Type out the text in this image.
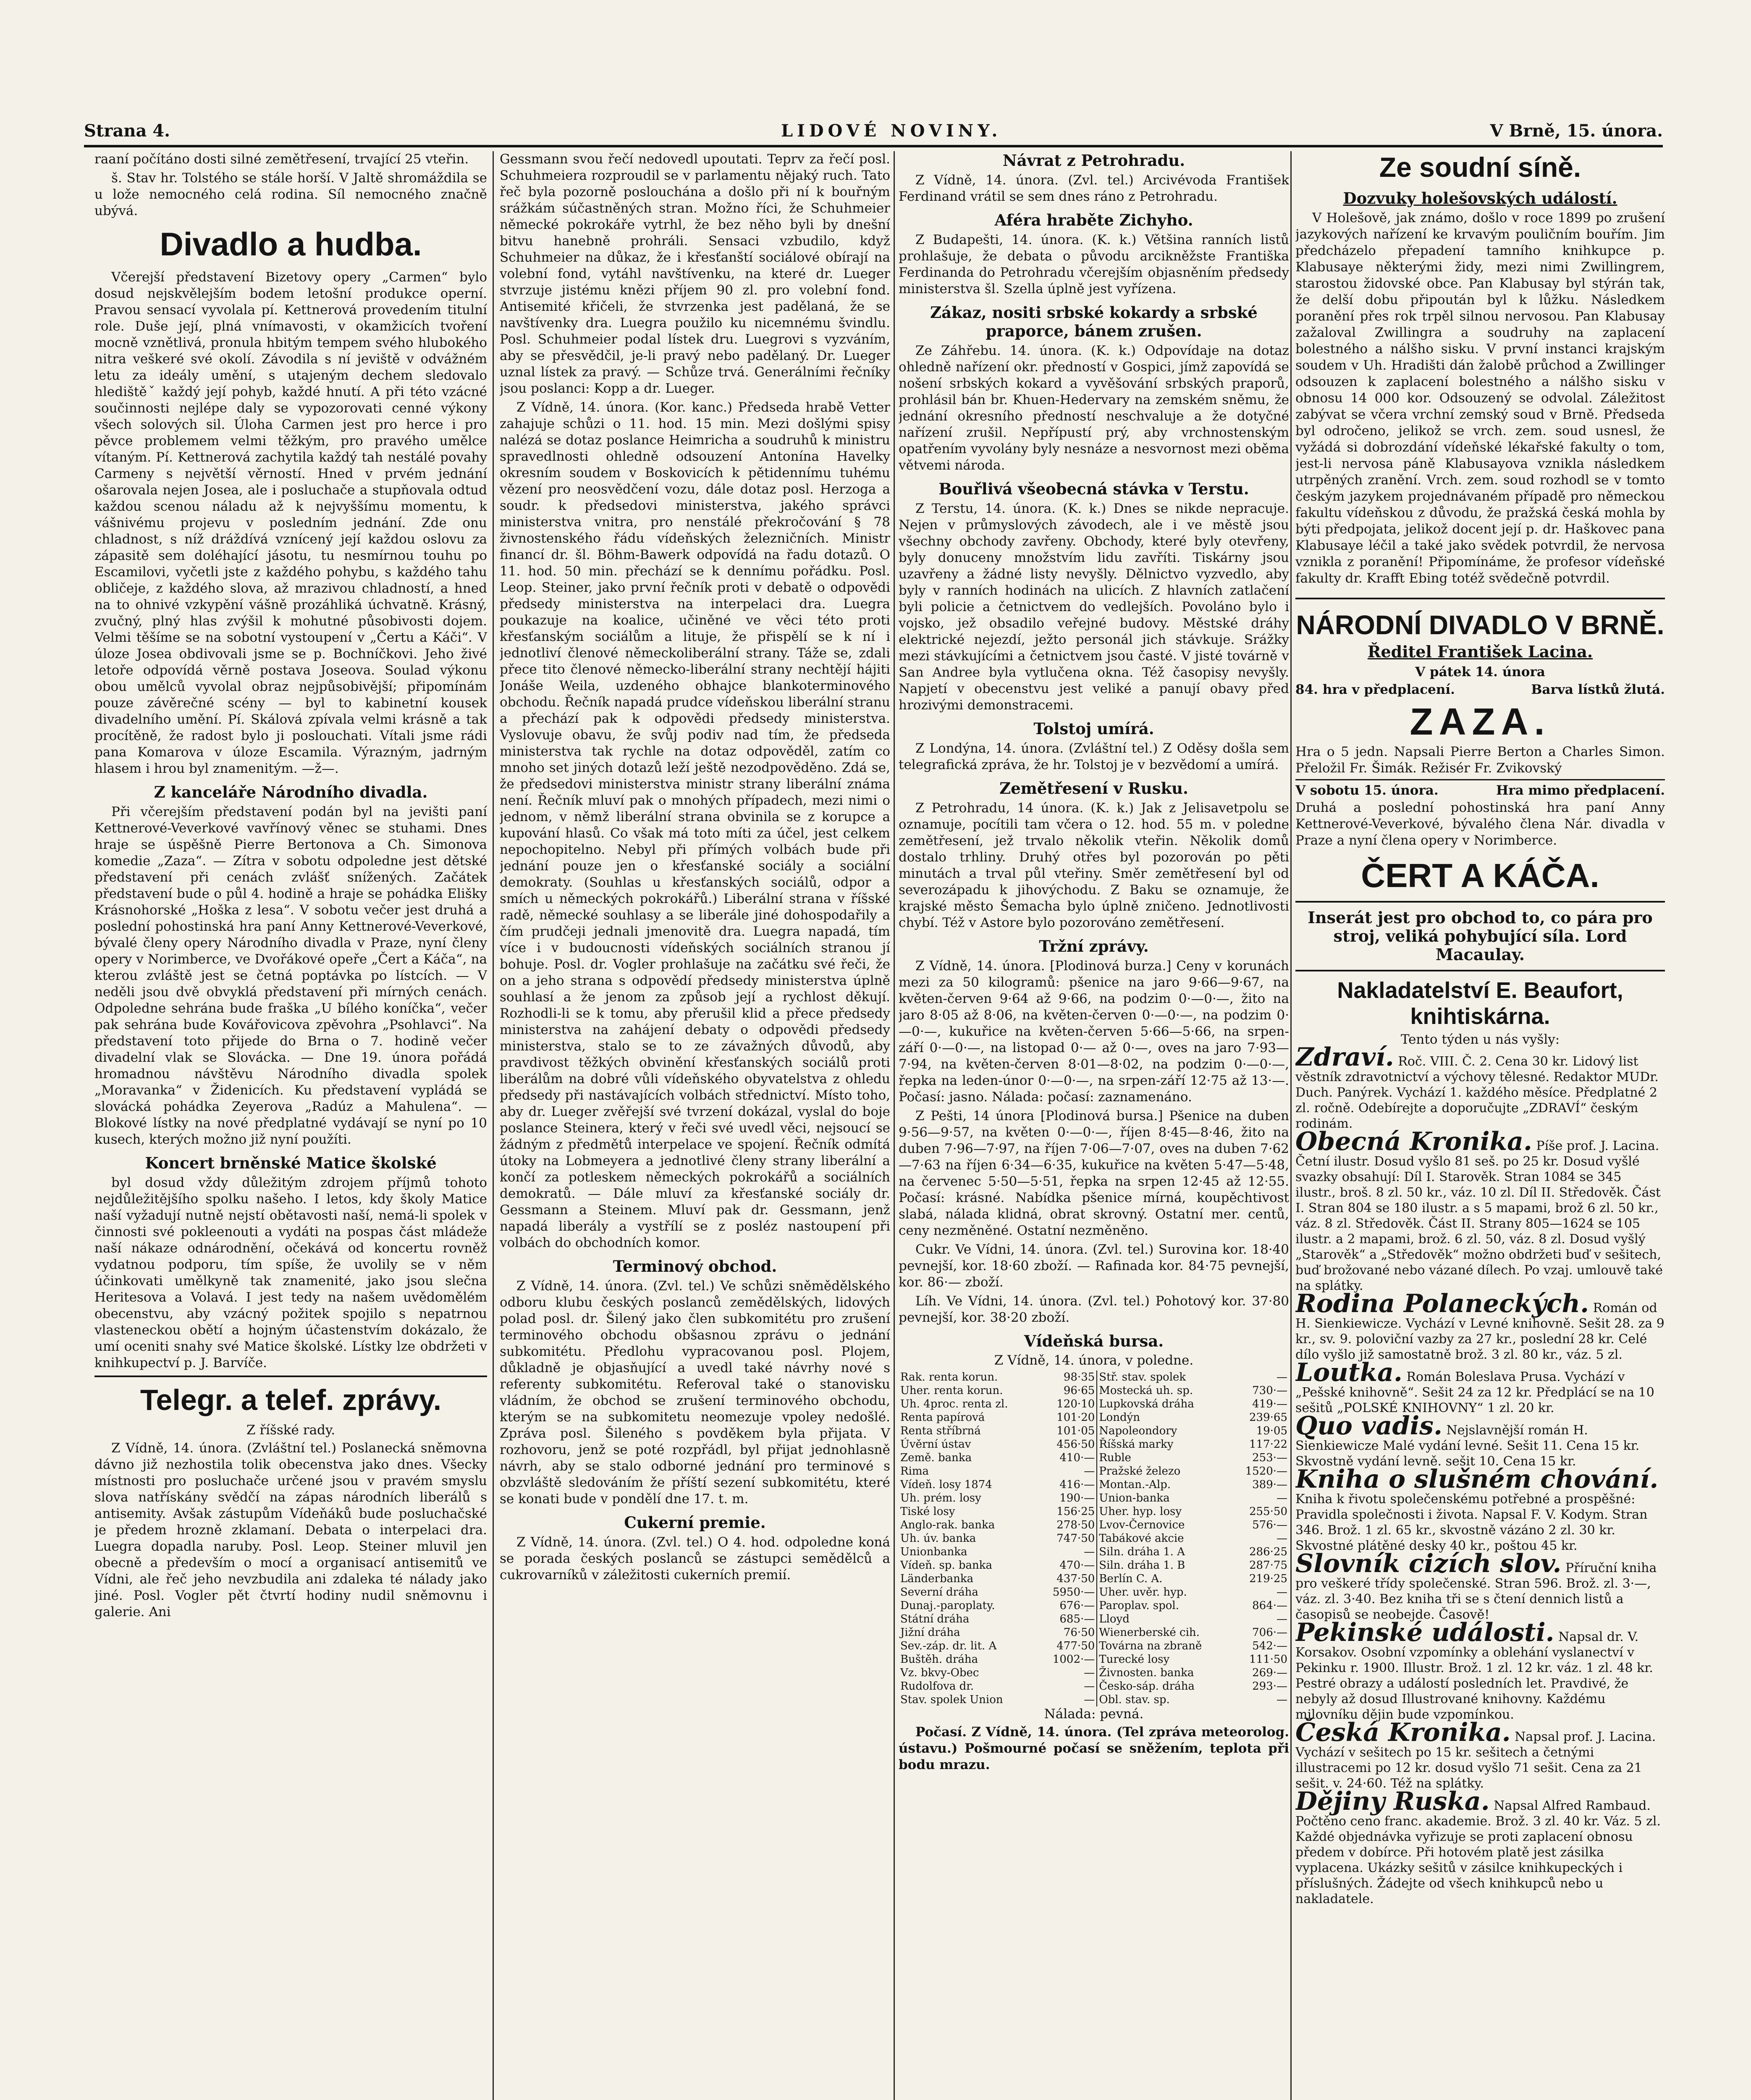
Strana 4.	LIDOVÉ NOVINY.	V Brně, 15. února.

raaní počítáno dosti silné zemětřesení, trvající 25 vteřin.

š. Stav hr. Tolstého se stále horší. V Jaltě shromáždila se u lože nemocného celá rodina. Síl nemocného značně ubývá.

Divadlo a hudba.

Včerejší představení Bizetovy opery „Carmen“ bylo dosud nejskvělejším bodem letošní produkce operní. Pravou sensací vyvolala pí. Kettnerová provedením titulní role. Duše její, plná vnímavosti, v okamžicích tvoření mocně vznětlivá, pronula hbitým tempem svého hlubokého nitra veškeré své okolí. Závodila s ní jeviště v odvážném letu za ideály umění, s utajeným dechem sledovalo hledištěˇ každý její pohyb, každé hnutí. A při této vzácné součinnosti nejlépe daly se vypozorovati cenné výkony všech solových sil. Úloha Carmen jest pro herce i pro pěvce problemem velmi těžkým, pro pravého umělce vítaným. Pí. Kettnerová zachytila každý tah nestálé povahy Carmeny s největší věrností. Hned v prvém jednání ošarovala nejen Josea, ale i posluchače a stupňovala odtud každou scenou náladu až k nejvyššímu momentu, k vášnivému projevu v posledním jednání. Zde onu chladnost, s níž dráždívá vznícený její každou oslovu za zápasitě sem doléhající jásotu, tu nesmírnou touhu po Escamilovi, vyčetli jste z každého pohybu, s každého tahu obličeje, z každého slova, až mrazivou chladností, a hned na to ohnivé vzkypění vášně prozáhliká úchvatně. Krásný, zvučný, plný hlas zvýšil k mohutné působivosti dojem. Velmi těšíme se na sobotní vystoupení v „Čertu a Káči“. V úloze Josea obdivovali jsme se p. Bochníčkovi. Jeho živé letoře odpovídá věrně postava Joseova. Soulad výkonu obou umělců vyvolal obraz nejpůsobivější; připomínám pouze závěrečné scény — byl to kabinetní kousek divadelního umění. Pí. Skálová zpívala velmi krásně a tak procítěně, že radost bylo ji poslouchati. Vítali jsme rádi pana Komarova v úloze Escamila. Výrazným, jadrným hlasem i hrou byl znamenitým. —ž—.

Z kanceláře Národního divadla.

Při včerejším představení podán byl na jevišti paní Kettnerové-Veverkové vavřínový věnec se stuhami. Dnes hraje se úspěšně Pierre Bertonova a Ch. Simonova komedie „Zaza“. — Zítra v sobotu odpoledne jest dětské představení při cenách zvlášť snížených. Začátek představení bude o půl 4. hodině a hraje se pohádka Elišky Krásnohorské „Hoška z lesa“. V sobotu večer jest druhá a poslední pohostinská hra paní Anny Kettnerové-Veverkové, bývalé členy opery Národního divadla v Praze, nyní členy opery v Norimberce, ve Dvořákové opeře „Čert a Káča“, na kterou zvláště jest se četná poptávka po lístcích. — V neděli jsou dvě obvyklá představení při mírných cenách. Odpoledne sehrána bude fraška „U bílého koníčka“, večer pak sehrána bude Kovářovicova zpěvohra „Psohlavci“. Na představení toto přijede do Brna o 7. hodině večer divadelní vlak se Slovácka. — Dne 19. února pořádá hromadnou návštěvu Národního divadla spolek „Moravanka“ v Židenicích. Ku představení vypládá se slovácká pohádka Zeyerova „Radúz a Mahulena“. — Blokové lístky na nové předplatné vydávají se nyní po 10 kusech, kterých možno již nyní použíti.

Koncert brněnské Matice školské

byl dosud vždy důležitým zdrojem příjmů tohoto nejdůležitějšího spolku našeho. I letos, kdy školy Matice naší vyžadují nutně nejstí obětavosti naší, nemá-li spolek v činnosti své pokleenouti a vydáti na pospas část mládeže naší nákaze odnárodnění, očekává od koncertu rovněž vydatnou podporu, tím spíše, že uvolily se v něm účinkovati umělkyně tak znamenité, jako jsou slečna Heritesova a Volavá. I jest tedy na našem uvědomělém obecenstvu, aby vzácný požitek spojilo s nepatrnou vlasteneckou obětí a hojným účastenstvím dokázalo, že umí oceniti snahy své Matice školské. Lístky lze obdržeti v knihkupectví p. J. Barvíče.

Telegr. a telef. zprávy.
Z říšské rady.

Z Vídně, 14. února. (Zvláštní tel.) Poslanecká sněmovna dávno již nezhostila tolik obecenstva jako dnes. Všecky místnosti pro posluchače určené jsou v pravém smyslu slova natřískány svědčí na zápas národních liberálů s antisemity. Avšak zástupům Vídeňáků bude posluchačské je předem hrozně zklamaní. Debata o interpelaci dra. Luegra dopadla naruby. Posl. Leop. Steiner mluvil jen obecně a především o mocí a organisací antisemitů ve Vídni, ale řeč jeho nevzbudila ani zdaleka té nálady jako jiné. Posl. Vogler pět čtvrtí hodiny nudil sněmovnu i galerie. Ani

Gessmann svou řečí nedovedl upoutati. Teprv za řečí posl. Schuhmeiera rozproudil se v parlamentu nějaký ruch. Tato řeč byla pozorně poslouchána a došlo při ní k bouřným srážkám súčastněných stran. Možno říci, že Schuhmeier německé pokrokáře vytrhl, že bez něho byli by dnešní bitvu hanebně prohráli. Sensaci vzbudilo, když Schuhmeier na důkaz, že i křesťanští sociálové obírají na volební fond, vytáhl navštívenku, na které dr. Lueger stvrzuje jistému knězi příjem 90 zl. pro volební fond. Antisemité křičeli, že stvrzenka jest padělaná, že se navštívenky dra. Luegra použilo ku nicemnému švindlu. Posl. Schuhmeier podal lístek dru. Luegrovi s vyzváním, aby se přesvědčil, je-li pravý nebo padělaný. Dr. Lueger uznal lístek za pravý. — Schůze trvá. Generálními řečníky jsou poslanci: Kopp a dr. Lueger.

Z Vídně, 14. února. (Kor. kanc.) Předseda hrabě Vetter zahajuje schůzi o 11. hod. 15 min. Mezi došlými spisy nalézá se dotaz poslance Heimricha a soudruhů k ministru spravedlnosti ohledně odsouzení Antonína Havelky okresním soudem v Boskovicích k pětidennímu tuhému vězení pro neosvědčení vozu, dále dotaz posl. Herzoga a soudr. k předsedovi ministerstva, jakého správci ministerstva vnitra, pro nenstálé překročování § 78 živnostenského řádu vídeňských železničních. Ministr financí dr. šl. Böhm-Bawerk odpovídá na řadu dotazů. O 11. hod. 50 min. přechází se k dennímu pořádku. Posl. Leop. Steiner, jako první řečník proti v debatě o odpovědi předsedy ministerstva na interpelaci dra. Luegra poukazuje na koalice, učiněné ve věci této proti křesťanským sociálům a lituje, že přispělí se k ní i jednotliví členové německoliberální strany. Táže se, zdali přece tito členové německo-liberální strany nechtějí hájiti Jonáše Weila, uzdeného obhajce blankoterminového obchodu. Řečník napadá prudce vídeňskou liberální stranu a přechází pak k odpovědi předsedy ministerstva. Vyslovuje obavu, že svůj podiv nad tím, že předseda ministerstva tak rychle na dotaz odpověděl, zatím co mnoho set jiných dotazů leží ještě nezodpověděno. Zdá se, že předsedovi ministerstva ministr strany liberální známa není. Řečník mluví pak o mnohých případech, mezi nimi o jednom, v němž liberální strana obvinila se z korupce a kupování hlasů. Co však má toto míti za účel, jest celkem nepochopitelno. Nebyl při přímých volbách bude při jednání pouze jen o křesťanské sociály a sociální demokraty. (Souhlas u křesťanských sociálů, odpor a smích u německých pokrokářů.) Liberální strana v říšské radě, německé souhlasy a se liberále jiné dohospodařily a čím prudčeji jednali jmenovitě dra. Luegra napadá, tím více i v budoucnosti vídeňských sociálních stranou jí bohuje. Posl. dr. Vogler prohlašuje na začátku své řeči, že on a jeho strana s odpovědí předsedy ministerstva úplně souhlasí a že jenom za způsob její a rychlost děkují. Rozhodli-li se k tomu, aby přerušil klid a přece předsedy ministerstva na zahájení debaty o odpovědi předsedy ministerstva, stalo se to ze závažných důvodů, aby pravdivost těžkých obvinění křesťanských sociálů proti liberálům na dobré vůli vídeňského obyvatelstva z ohledu předsedy při nastávajících volbách střednictví. Místo toho, aby dr. Lueger zvěřejší své tvrzení dokázal, vyslal do boje poslance Steinera, který v řeči své uvedl věci, nejsoucí se žádným z předmětů interpelace ve spojení. Řečník odmítá útoky na Lobmeyera a jednotlivé členy strany liberální a končí za potleskem německých pokrokářů a sociálních demokratů. — Dále mluví za křesťanské sociály dr. Gessmann a Steinem. Mluví pak dr. Gessmann, jenž napadá liberály a vystřílí se z posléz nastoupení při volbách do obchodních komor.

Terminový obchod.

Z Vídně, 14. února. (Zvl. tel.) Ve schůzi sněmědělského odboru klubu českých poslanců zemědělských, lidových polad posl. dr. Šilený jako člen subkomitétu pro zrušení terminového obchodu obšasnou zprávu o jednání subkomitétu. Předlohu vypracovanou posl. Plojem, důkladně je objasňující a uvedl také návrhy nové s referenty subkomitétu. Referoval také o stanovisku vládním, že obchod se zrušení terminového obchodu, kterým se na subkomitetu neomezuje vpoley nedošlé. Zpráva posl. Šileného s povděkem byla přijata. V rozhovoru, jenž se poté rozpřádl, byl přijat jednohlasně návrh, aby se stalo odborné jednání pro terminové s obzvláště sledováním že příští sezení subkomitétu, které se konati bude v pondělí dne 17. t. m.

Cukerní premie.

Z Vídně, 14. února. (Zvl. tel.) O 4. hod. odpoledne koná se porada českých poslanců se zástupci semědělců a cukrovarníků v záležitosti cukerních premií.

Návrat z Petrohradu.

Z Vídně, 14. února. (Zvl. tel.) Arcivévoda František Ferdinand vrátil se sem dnes ráno z Petrohradu.

Aféra hraběte Zichyho.

Z Budapešti, 14. února. (K. k.) Většina ranních listů prohlašuje, že debata o původu arcikněžste Františka Ferdinanda do Petrohradu včerejším objasněním předsedy ministerstva šl. Szella úplně jest vyřízena.

Zákaz, nositi srbské kokardy a srbské praporce, bánem zrušen.

Ze Záhřebu. 14. února. (K. k.) Odpovídaje na dotaz ohledně nařízení okr. předností v Gospici, jímž zapovídá se nošení srbských kokard a vyvěšování srbských praporů, prohlásil bán br. Khuen-Hedervary na zemském sněmu, že jednání okresního předností neschvaluje a že dotyčné nařízení zrušil. Nepřípustí prý, aby vrchnostenským opatřením vyvolány byly nesnáze a nesvornost mezi oběma větvemi národa.

Bouřlivá všeobecná stávka v Terstu.

Z Terstu, 14. února. (K. k.) Dnes se nikde nepracuje. Nejen v průmyslových závodech, ale i ve městě jsou všechny obchody zavřeny. Obchody, které byly otevřeny, byly donuceny množstvím lidu zavříti. Tiskárny jsou uzavřeny a žádné listy nevyšly. Dělnictvo vyzvedlo, aby byly v ranních hodinách na ulicích. Z hlavních zatlačení byli policie a četnictvem do vedlejších. Povoláno bylo i vojsko, jež obsadilo veřejné budovy. Městské dráhy elektrické nejezdí, ježto personál jich stávkuje. Srážky mezi stávkujícími a četnictvem jsou časté. V jisté továrně v San Andree byla vytlučena okna. Též časopisy nevyšly. Napjetí v obecenstvu jest veliké a panují obavy před hrozivými demonstracemi.

Tolstoj umírá.

Z Londýna, 14. února. (Zvláštní tel.) Z Oděsy došla sem telegrafická zpráva, že hr. Tolstoj je v bezvědomí a umírá.

Zemětřesení v Rusku.

Z Petrohradu, 14 února. (K. k.) Jak z Jelisavetpolu se oznamuje, pocítili tam včera o 12. hod. 55 m. v poledne zemětřesení, jež trvalo několik vteřin. Několik domů dostalo trhliny. Druhý otřes byl pozorován po pěti minutách a trval půl vteřiny. Směr zemětřesení byl od severozápadu k jihovýchodu. Z Baku se oznamuje, že krajské město Šemacha bylo úplně zničeno. Jednotlivosti chybí. Též v Astore bylo pozorováno zemětřesení.

Tržní zprávy.

Z Vídně, 14. února. [Plodinová burza.] Ceny v korunách mezi za 50 kilogramů: pšenice na jaro 9·66—9·67, na květen-červen 9·64 až 9·66, na podzim 0·—0·—, žito na jaro 8·05 až 8·06, na květen-červen 0·—0·—, na podzim 0·—0·—, kukuřice na květen-červen 5·66—5·66, na srpen-září 0·—0·—, na listopad 0·— až 0·—, oves na jaro 7·93—7·94, na květen-červen 8·01—8·02, na podzim 0·—0·—, řepka na leden-únor 0·—0·—, na srpen-září 12·75 až 13·—. Počasí: jasno. Nálada: počasí: zaznamenáno.

Z Pešti, 14 února [Plodinová bursa.] Pšenice na duben 9·56—9·57, na květen 0·—0·—, říjen 8·45—8·46, žito na duben 7·96—7·97, na říjen 7·06—7·07, oves na duben 7·62—7·63 na říjen 6·34—6·35, kukuřice na květen 5·47—5·48, na červenec 5·50—5·51, řepka na srpen 12·45 až 12·55. Počasí: krásné. Nabídka pšenice mírná, koupěchtivost slabá, nálada klidná, obrat skrovný. Ostatní mer. centů, ceny nezměněné. Ostatní nezměněno.

Cukr. Ve Vídni, 14. února. (Zvl. tel.) Surovina kor. 18·40 pevnejší, kor. 18·60 zboží. — Rafinada kor. 84·75 pevnejší, kor. 86·— zboží.

Líh. Ve Vídni, 14. února. (Zvl. tel.) Pohotový kor. 37·80 pevnejší, kor. 38·20 zboží.

Vídeňská bursa.
Z Vídně, 14. února, v poledne.
Rak. renta korun.	98·35	Stř. stav. spolek	—
Uher. renta korun.	96·65	Mostecká uh. sp.	730·—
Uh. 4proc. renta zl.	120·10	Lupkovská dráha	419·—
Renta papírová	101·20	Londýn	239·65
Renta stříbrná	101·05	Napoleondory	19·05
Úvěrní ústav	456·50	Říšská marky	117·22
Země. banka	410·—	Ruble	253·—
Rima	—	Pražské železo	1520·—
Vídeň. losy 1874	416·—	Montan.-Alp.	389·—
Uh. prém. losy	190·—	Union-banka	—
Tiské losy	156·25	Uher. hyp. losy	255·50
Anglo-rak. banka	278·50	Lvov-Černovice	576·—
Uh. úv. banka	747·50	Tabákové akcie	—
Unionbanka	—	Siln. dráha 1. A	286·25
Vídeň. sp. banka	470·—	Siln. dráha 1. B	287·75
Länderbanka	437·50	Berlín C. A.	219·25
Severní dráha	5950·—	Uher. uvěr. hyp.	—
Dunaj.-paroplaty.	676·—	Paroplav. spol.	864·—
Státní dráha	685·—	Lloyd	—
Jižní dráha	76·50	Wienerberské cih.	706·—
Sev.-záp. dr. lit. A	477·50	Továrna na zbraně	542·—
Buštěh. dráha	1002·—	Turecké losy	111·50
Vz. bkvy-Obec	—	Živnosten. banka	269·—
Rudolfova dr.	—	Česko-sáp. dráha	293·—
Stav. spolek Union	—	Obl. stav. sp.	—
Nálada: pevná.

Počasí. Z Vídně, 14. února. (Tel zpráva meteorolog. ústavu.) Pošmourné počasí se sněžením, teplota při bodu mrazu.

Ze soudní síně.
Dozvuky holešovských událostí.

V Holešově, jak známo, došlo v roce 1899 po zrušení jazykových nařízení ke krvavým pouličním bouřím. Jim předcházelo přepadení tamního knihkupce p. Klabusaye některými židy, mezi nimi Zwillingrem, starostou židovské obce. Pan Klabusay byl stýrán tak, že delší dobu připoután byl k lůžku. Následkem poranění přes rok trpěl silnou nervosou. Pan Klabusay zažaloval Zwillingra a soudruhy na zaplacení bolestného a nálšho sisku. V první instanci krajským soudem v Uh. Hradišti dán žalobě průchod a Zwillinger odsouzen k zaplacení bolestného a nálšho sisku v obnosu 14 000 kor. Odsouzený se odvolal. Záležitost zabývat se včera vrchní zemský soud v Brně. Předseda byl odročeno, jelikož se vrch. zem. soud usnesl, že vyžádá si dobrozdání vídeňské lékařské fakulty o tom, jest-li nervosa páně Klabusayova vznikla následkem utrpěných zranění. Vrch. zem. soud rozhodl se v tomto českým jazykem projednávaném případě pro německou fakultu vídeňskou z důvodu, že pražská česká mohla by býti předpojata, jelikož docent její p. dr. Haškovec pana Klabusaye léčil a také jako svědek potvrdil, že nervosa vznikla z poranění! Připomínáme, že profesor vídeňské fakulty dr. Krafft Ebing totéž svědečně potvrdil.

NÁRODNÍ DIVADLO V BRNĚ.
Ředitel František Lacina.
V pátek 14. února
84. hra v předplacení.	Barva lístků žlutá.
ZAZA.

Hra o 5 jedn. Napsali Pierre Berton a Charles Simon. Přeložil Fr. Šimák. Režisér Fr. Zvikovský

V sobotu 15. února.	Hra mimo předplacení.

Druhá a poslední pohostinská hra paní Anny Kettnerové-Veverkové, bývalého člena Nár. divadla v Praze a nyní člena opery v Norimberce.

ČERT A KÁČA.
Inserát jest pro obchod to, co pára pro stroj, veliká pohybující síla. Lord Macaulay.
Nakladatelství E. Beaufort, knihtiskárna.
Tento týden u nás vyšly:
Zdraví. Roč. VIII. Č. 2. Cena 30 kr. Lidový list věstník zdravotnictví a výchovy tělesné. Redaktor MUDr. Duch. Panýrek. Vychází 1. každého měsíce. Předplatné 2 zl. ročně. Odebírejte a doporučujte „ZDRAVÍ“ českým rodinám.
Obecná Kronika. Píše prof. J. Lacina. Četní ilustr. Dosud vyšlo 81 seš. po 25 kr. Dosud vyšlé svazky obsahují: Díl I. Starověk. Stran 1084 se 345 ilustr., broš. 8 zl. 50 kr., váz. 10 zl. Díl II. Středověk. Část I. Stran 804 se 180 ilustr. a s 5 mapami, brož 6 zl. 50 kr., váz. 8 zl. Středověk. Část II. Strany 805—1624 se 105 ilustr. a 2 mapami, brož. 6 zl. 50, váz. 8 zl. Dosud vyšlý „Starověk“ a „Středověk“ možno obdržeti buď v sešitech, buď brožované nebo vázané dílech. Po vzaj. umlouvě také na splátky.
Rodina Polaneckých. Román od H. Sienkiewicze. Vychází v Levné knihovně. Sešit 28. za 9 kr., sv. 9. poloviční vazby za 27 kr., poslední 28 kr. Celé dílo vyšlo již samostatně brož. 3 zl. 80 kr., váz. 5 zl.
Loutka. Román Boleslava Prusa. Vychází v „Pešské knihovně“. Sešit 24 za 12 kr. Předplácí se na 10 sešitů „POLSKÉ KNIHOVNY“ 1 zl. 20 kr.
Quo vadis. Nejslavnější román H. Sienkiewicze Malé vydání levné. Sešit 11. Cena 15 kr. Skvostně vydání levně. sešit 10. Cena 15 kr.
Kniha o slušném chování. Kniha k řivotu společenskému potřebné a prospěšné: Pravidla společnosti i života. Napsal F. V. Kodym. Stran 346. Brož. 1 zl. 65 kr., skvostně vázáno 2 zl. 30 kr. Skvostné plátěné desky 40 kr., poštou 45 kr.
Slovník cizích slov. Příruční kniha pro veškeré třídy společenské. Stran 596. Brož. zl. 3·—, váz. zl. 3·40. Bez kniha tři se s čtení dennich listů a časopisů se neobejde. Časově!
Pekinské události. Napsal dr. V. Korsakov. Osobní vzpomínky a oblehání vyslanectví v Pekinku r. 1900. Illustr. Brož. 1 zl. 12 kr. váz. 1 zl. 48 kr. Pestré obrazy a událostí posledních let. Pravdivé, že nebyly až dosud Illustrované knihovny. Každému milovníku dějin bude vzpomínkou.
Česká Kronika. Napsal prof. J. Lacina. Vychází v sešitech po 15 kr. sešitech a četnými illustracemi po 12 kr. dosud vyšlo 71 sešit. Cena za 21 sešit. v. 24·60. Též na splátky.
Dějiny Ruska. Napsal Alfred Rambaud. Počtěno ceno franc. akademie. Brož. 3 zl. 40 kr. Váz. 5 zl. Každé objednávka vyřizuje se proti zaplacení obnosu předem v dobírce. Při hotovém platě jest zásilka vyplacena. Ukázky sešitů v zásilce knihkupeckých i příslušných. Žádejte od všech knihkupců nebo u nakladatele.
